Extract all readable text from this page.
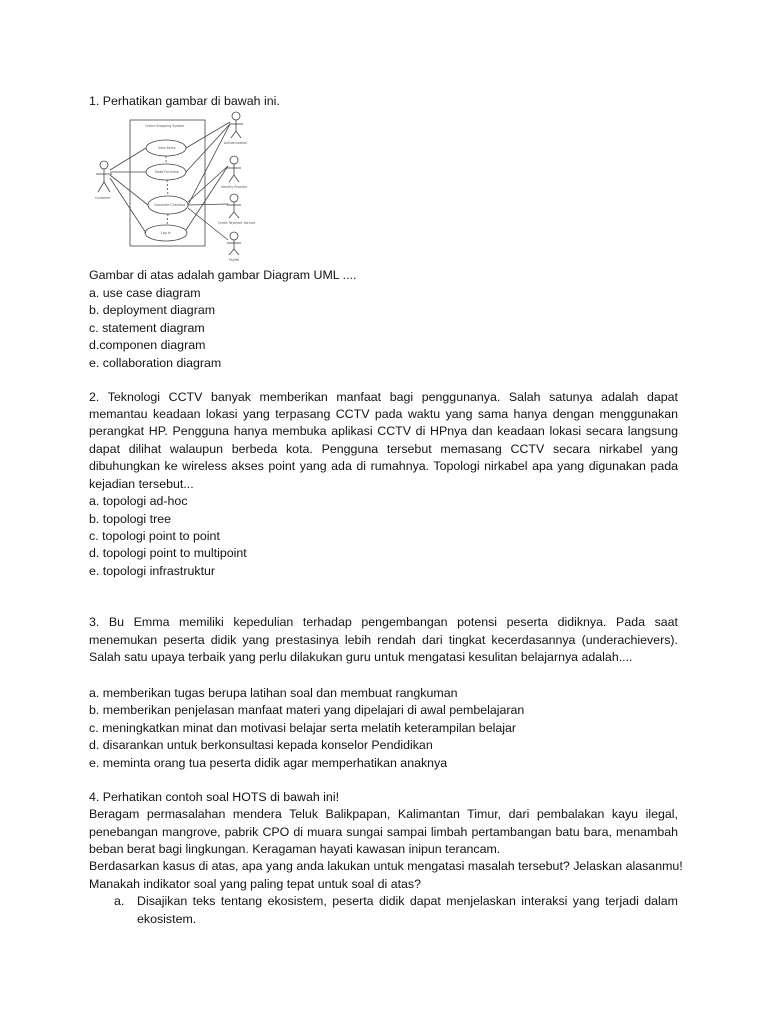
1. Perhatikan gambar di bawah ini.
Online Shopping System
View Items
Make Purchase
Complete Checkout
Log In
Customer
Authentication
Identity Provider
Credit Payment Service
PayPal
Gambar di atas adalah gambar Diagram UML ....
a. use case diagram
b. deployment diagram
c. statement diagram
d.componen diagram
e. collaboration diagram
2. Teknologi CCTV banyak memberikan manfaat bagi penggunanya. Salah satunya adalah dapat
memantau keadaan lokasi yang terpasang CCTV pada waktu yang sama hanya dengan menggunakan
perangkat HP. Pengguna hanya membuka aplikasi CCTV di HPnya dan keadaan lokasi secara langsung
dapat dilihat walaupun berbeda kota. Pengguna tersebut memasang CCTV secara nirkabel yang
dibuhungkan ke wireless akses point yang ada di rumahnya. Topologi nirkabel apa yang digunakan pada
kejadian tersebut...
a. topologi ad-hoc
b. topologi tree
c. topologi point to point
d. topologi point to multipoint
e. topologi infrastruktur
3. Bu Emma memiliki kepedulian terhadap pengembangan potensi peserta didiknya. Pada saat
menemukan peserta didik yang prestasinya lebih rendah dari tingkat kecerdasannya (underachievers).
Salah satu upaya terbaik yang perlu dilakukan guru untuk mengatasi kesulitan belajarnya adalah....
a. memberikan tugas berupa latihan soal dan membuat rangkuman
b. memberikan penjelasan manfaat materi yang dipelajari di awal pembelajaran
c. meningkatkan minat dan motivasi belajar serta melatih keterampilan belajar
d. disarankan untuk berkonsultasi kepada konselor Pendidikan
e. meminta orang tua peserta didik agar memperhatikan anaknya
4. Perhatikan contoh soal HOTS di bawah ini!
Beragam permasalahan mendera Teluk Balikpapan, Kalimantan Timur, dari pembalakan kayu ilegal,
penebangan mangrove, pabrik CPO di muara sungai sampai limbah pertambangan batu bara, menambah
beban berat bagi lingkungan. Keragaman hayati kawasan inipun terancam.
Berdasarkan kasus di atas, apa yang anda lakukan untuk mengatasi masalah tersebut? Jelaskan alasanmu!
Manakah indikator soal yang paling tepat untuk soal di atas?
a. Disajikan teks tentang ekosistem, peserta didik dapat menjelaskan interaksi yang terjadi dalam
ekosistem.
